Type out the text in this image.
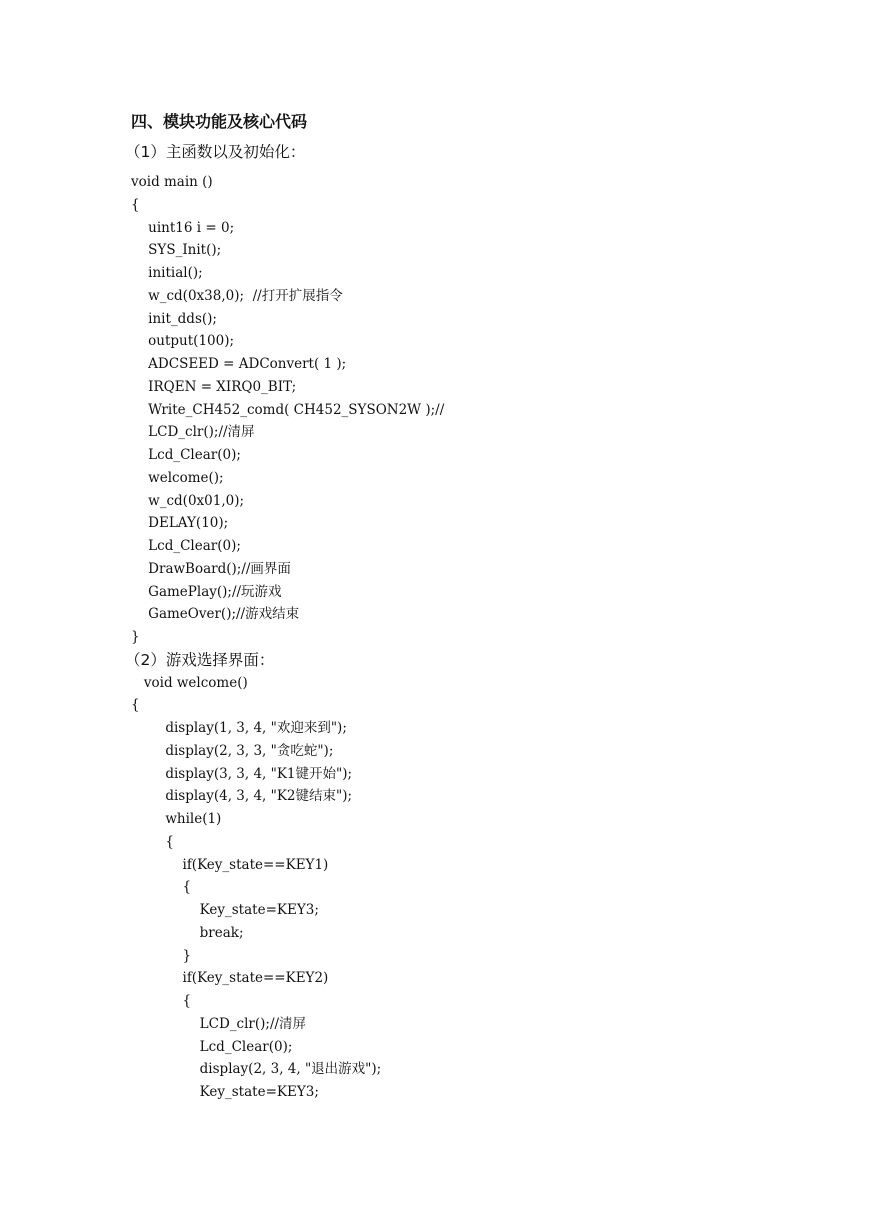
四、模块功能及核心代码
（1）主函数以及初始化：
void main ()
{
uint16 i = 0;
SYS_Init();
initial();
w_cd(0x38,0);  //打开扩展指令
init_dds();
output(100);
ADCSEED = ADConvert( 1 );
IRQEN = XIRQ0_BIT;
Write_CH452_comd( CH452_SYSON2W );//
LCD_clr();//清屏
Lcd_Clear(0);
welcome();
w_cd(0x01,0);
DELAY(10);
Lcd_Clear(0);
DrawBoard();//画界面
GamePlay();//玩游戏
GameOver();//游戏结束
}
（2）游戏选择界面：
void welcome()
{
display(1, 3, 4, "欢迎来到");
display(2, 3, 3, "贪吃蛇");
display(3, 3, 4, "K1键开始");
display(4, 3, 4, "K2键结束");
while(1)
{
if(Key_state==KEY1)
{
Key_state=KEY3;
break;
}
if(Key_state==KEY2)
{
LCD_clr();//清屏
Lcd_Clear(0);
display(2, 3, 4, "退出游戏");
Key_state=KEY3;
